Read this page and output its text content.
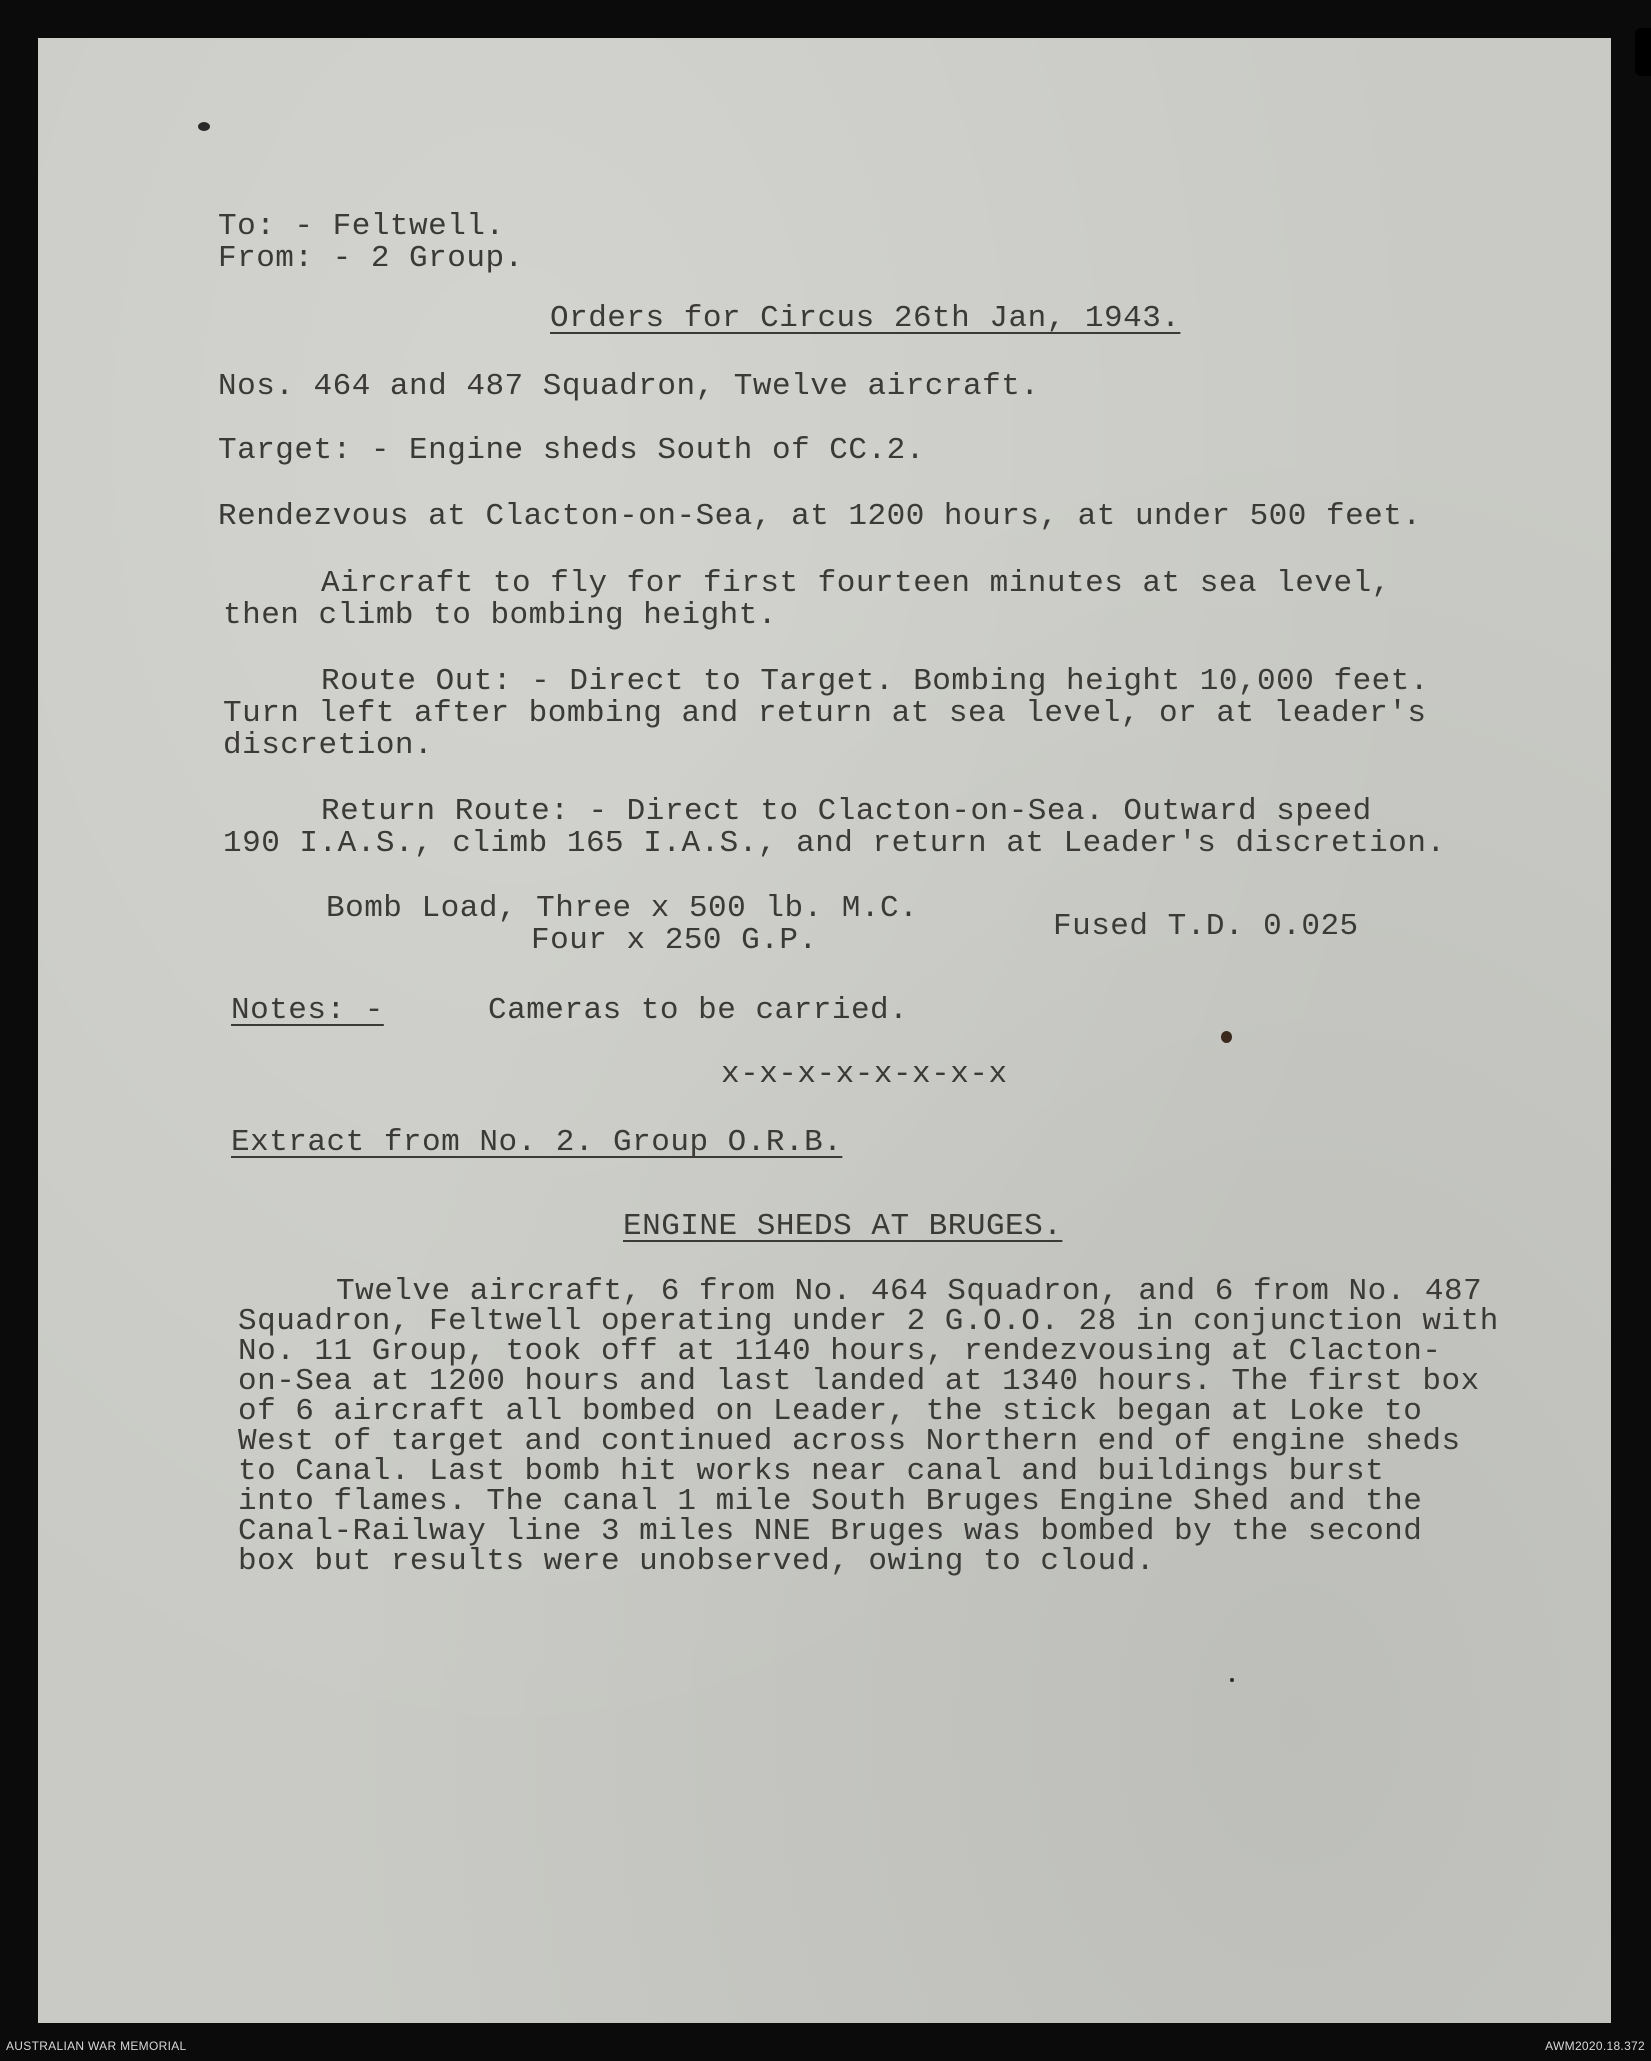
To: - Feltwell.
From: - 2 Group.
Orders for Circus 26th Jan, 1943.
Nos. 464 and 487 Squadron, Twelve aircraft.
Target: - Engine sheds South of CC.2.
Rendezvous at Clacton-on-Sea, at 1200 hours, at under 500 feet.
Aircraft to fly for first fourteen minutes at sea level,
then climb to bombing height.
Route Out: - Direct to Target. Bombing height 10,000 feet.
Turn left after bombing and return at sea level, or at leader's
discretion.
Return Route: - Direct to Clacton-on-Sea. Outward speed
190 I.A.S., climb 165 I.A.S., and return at Leader's discretion.
Bomb Load, Three x 500 lb. M.C.
Four x 250 G.P.	Fused T.D. 0.025
Notes: -	Cameras to be carried.
x-x-x-x-x-x-x-x
Extract from No. 2. Group O.R.B.
ENGINE SHEDS AT BRUGES.
Twelve aircraft, 6 from No. 464 Squadron, and 6 from No. 487
Squadron, Feltwell operating under 2 G.O.O. 28 in conjunction with
No. 11 Group, took off at 1140 hours, rendezvousing at Clacton-
on-Sea at 1200 hours and last landed at 1340 hours. The first box
of 6 aircraft all bombed on Leader, the stick began at Loke to
West of target and continued across Northern end of engine sheds
to Canal. Last bomb hit works near canal and buildings burst
into flames. The canal 1 mile South Bruges Engine Shed and the
Canal-Railway line 3 miles NNE Bruges was bombed by the second
box but results were unobserved, owing to cloud.
AUSTRALIAN WAR MEMORIAL	AWM2020.18.372
